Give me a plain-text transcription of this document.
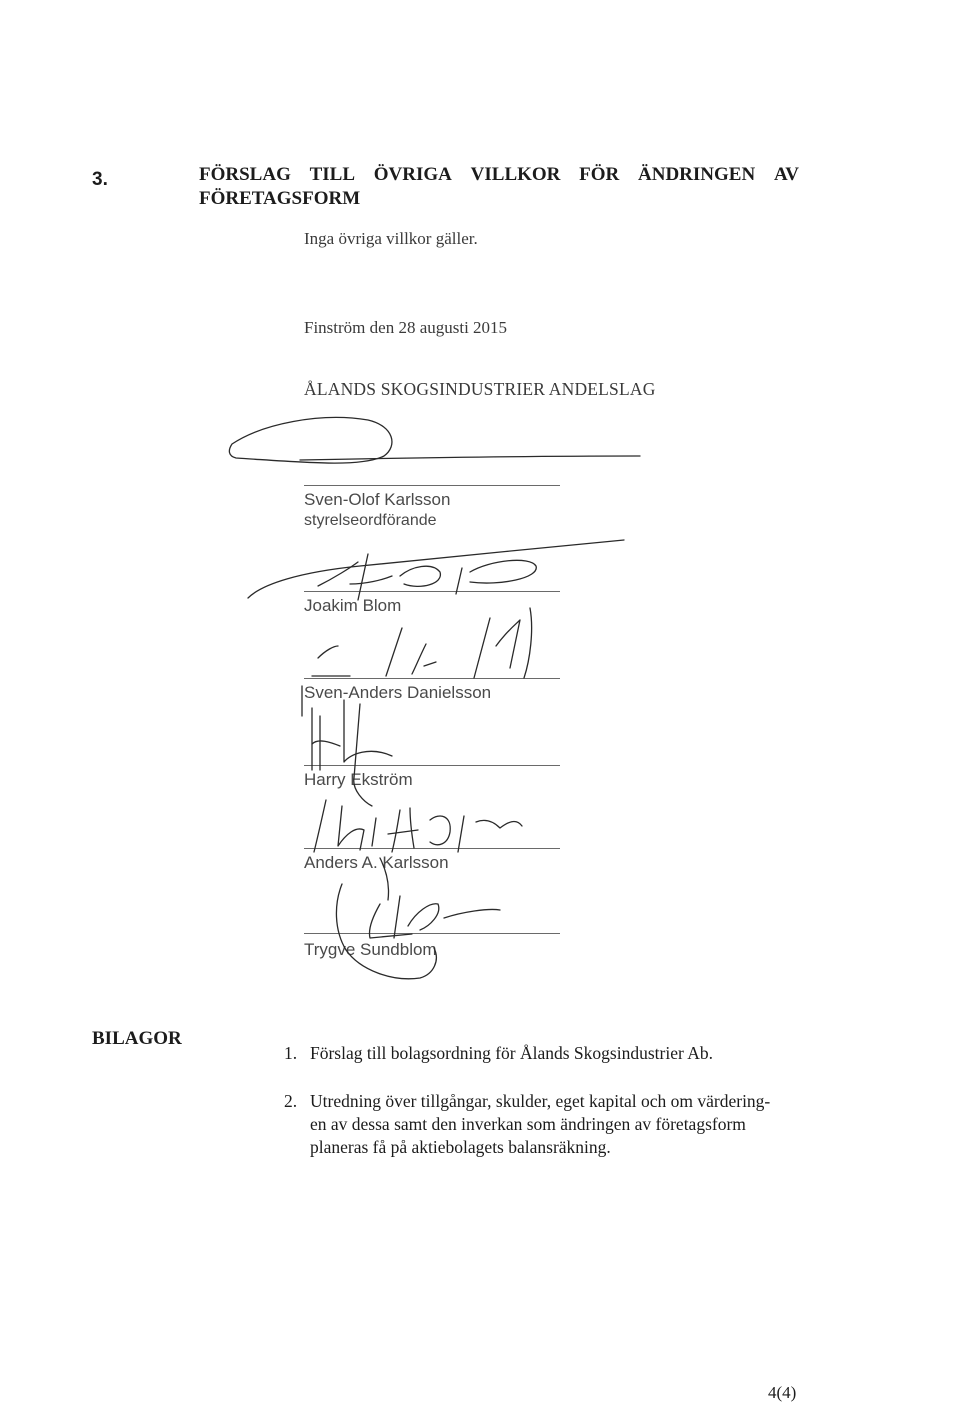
3.	FÖRSLAG TILL ÖVRIGA VILLKOR FÖR ÄNDRINGEN AV
FÖRETAGSFORM
Inga övriga villkor gäller.
Finström den 28 augusti 2015
ÅLANDS SKOGSINDUSTRIER ANDELSLAG
Sven-Olof Karlsson
styrelseordförande
Joakim Blom
Sven-Anders Danielsson
Harry Ekström
Anders A. Karlsson
Trygve Sundblom
BILAGOR
1. Förslag till bolagsordning för Ålands Skogsindustrier Ab.
2. Utredning över tillgångar, skulder, eget kapital och om värdering-
en av dessa samt den inverkan som ändringen av företagsform
planeras få på aktiebolagets balansräkning.
4(4)
